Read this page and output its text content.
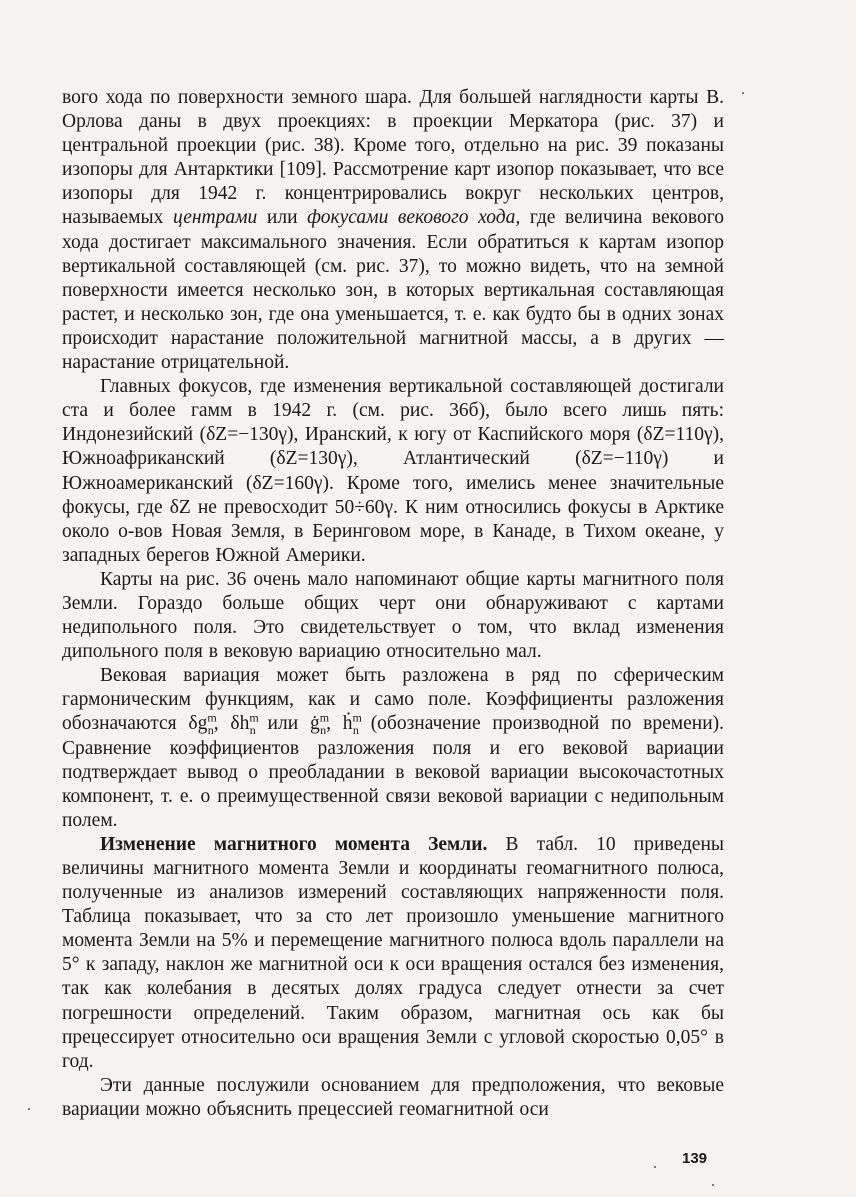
вого хода по поверхности земного шара. Для большей наглядности карты В. Орлова даны в двух проекциях: в проекции Меркатора (рис. 37) и центральной проекции (рис. 38). Кроме того, отдельно на рис. 39 показаны изопоры для Антарктики [109]. Рассмотрение карт изопор показывает, что все изопоры для 1942 г. концентрировались вокруг нескольких центров, называемых центрами или фокусами векового хода, где величина векового хода достигает максимального значения. Если обратиться к картам изопор вертикальной составляющей (см. рис. 37), то можно видеть, что на земной поверхности имеется несколько зон, в которых вертикальная составляющая растет, и несколько зон, где она уменьшается, т. е. как будто бы в одних зонах происходит нарастание положительной магнитной массы, а в других — нарастание отрицательной.

Главных фокусов, где изменения вертикальной составляющей достигали ста и более гамм в 1942 г. (см. рис. 36б), было всего лишь пять: Индонезийский (δZ=−130γ), Иранский, к югу от Каспийского моря (δZ=110γ), Южноафриканский (δZ=130γ), Атлантический (δZ=−110γ) и Южноамериканский (δZ=160γ). Кроме того, имелись менее значительные фокусы, где δZ не превосходит 50÷60γ. К ним относились фокусы в Арктике около о-вов Новая Земля, в Беринговом море, в Канаде, в Тихом океане, у западных берегов Южной Америки.

Карты на рис. 36 очень мало напоминают общие карты магнитного поля Земли. Гораздо больше общих черт они обнаруживают с картами недипольного поля. Это свидетельствует о том, что вклад изменения дипольного поля в вековую вариацию относительно мал.

Вековая вариация может быть разложена в ряд по сферическим гармоническим функциям, как и само поле. Коэффициенты разложения обозначаются $\delta g^m_n$, $\delta h^m_n$ или $ġ^m_n$, ḣ$^m_n$ (обозначение производной по времени). Сравнение коэффициентов разложения поля и его вековой вариации подтверждает вывод о преобладании в вековой вариации высокочастотных компонент, т. е. о преимущественной связи вековой вариации с недипольным полем.

Изменение магнитного момента Земли. В табл. 10 приведены величины магнитного момента Земли и координаты геомагнитного полюса, полученные из анализов измерений составляющих напряженности поля. Таблица показывает, что за сто лет произошло уменьшение магнитного момента Земли на 5% и перемещение магнитного полюса вдоль параллели на 5° к западу, наклон же магнитной оси к оси вращения остался без изменения, так как колебания в десятых долях градуса следует отнести за счет погрешности определений. Таким образом, магнитная ось как бы прецессирует относительно оси вращения Земли с угловой скоростью 0,05° в год.

Эти данные послужили основанием для предположения, что вековые вариации можно объяснить прецессией геомагнитной оси

139
